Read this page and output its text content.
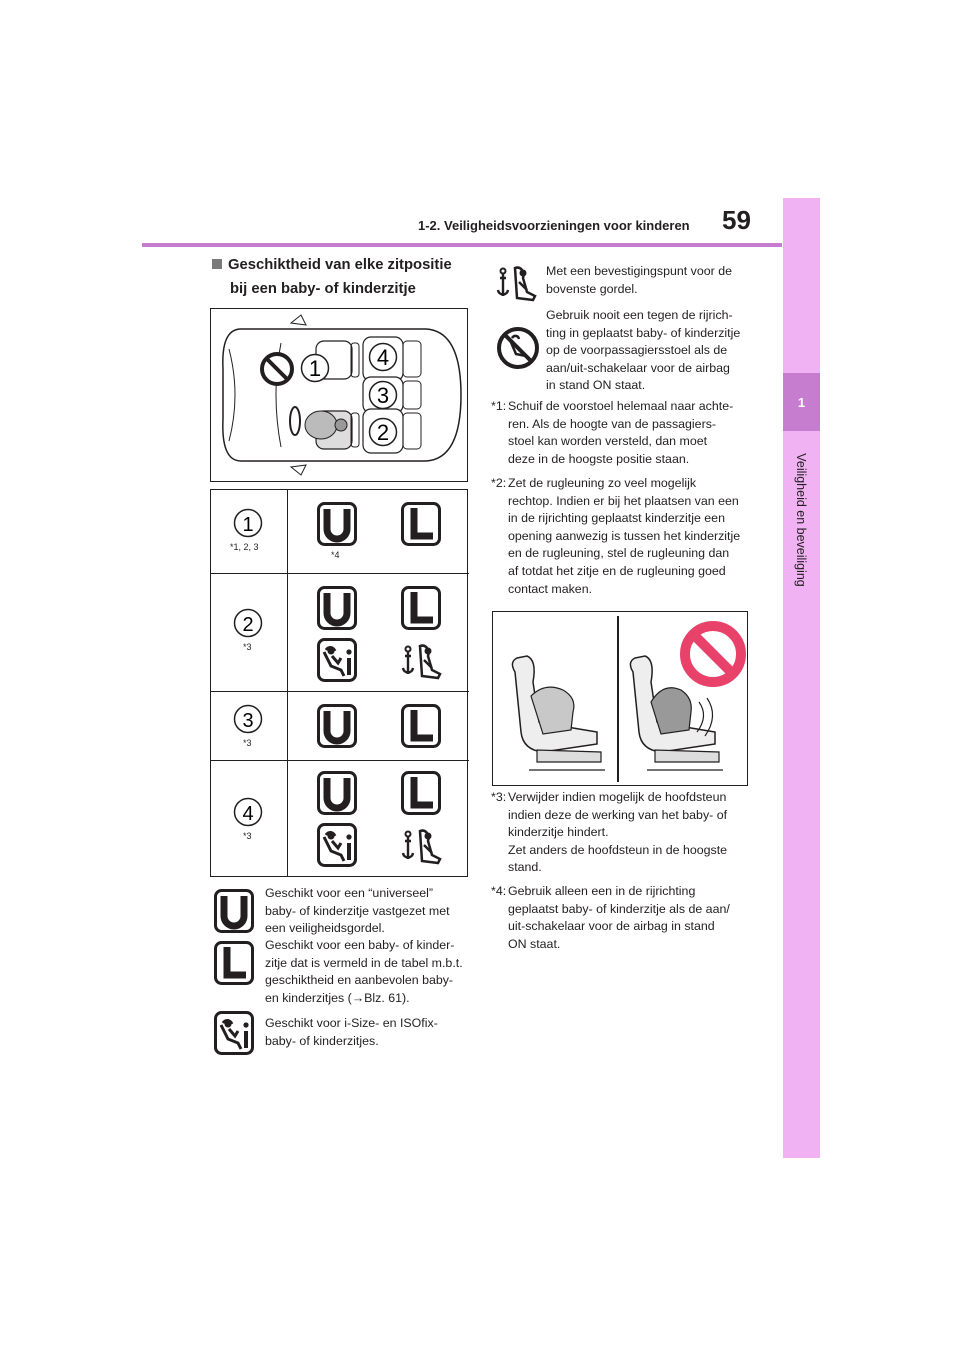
1-2. Veiligheidsvoorzieningen voor kinderen 59
1
Veiligheid en beveiliging
Geschiktheid van elke zitpositie
bij een baby- of kinderzitje
1	4
3
2
1
*1, 2, 3
*4
2
*3
3
*3
4
*3
Geschikt voor een “universeel”
baby- of kinderzitje vastgezet met
een veiligheidsgordel.
Geschikt voor een baby- of kinder-
zitje dat is vermeld in de tabel m.b.t.
geschiktheid en aanbevolen baby-
en kinderzitjes (→Blz. 61).
Geschikt voor i-Size- en ISOfix-
baby- of kinderzitjes.
Met een bevestigingspunt voor de
bovenste gordel.
Gebruik nooit een tegen de rijrich-
ting in geplaatst baby- of kinderzitje
op de voorpassagiersstoel als de
aan/uit-schakelaar voor de airbag
in stand ON staat.
*1: Schuif de voorstoel helemaal naar achte-
ren. Als de hoogte van de passagiers-
stoel kan worden versteld, dan moet
deze in de hoogste positie staan.
*2: Zet de rugleuning zo veel mogelijk
rechtop. Indien er bij het plaatsen van een
in de rijrichting geplaatst kinderzitje een
opening aanwezig is tussen het kinderzitje
en de rugleuning, stel de rugleuning dan
af totdat het zitje en de rugleuning goed
contact maken.
*3: Verwijder indien mogelijk de hoofdsteun
indien deze de werking van het baby- of
kinderzitje hindert.
Zet anders de hoofdsteun in de hoogste
stand.
*4: Gebruik alleen een in de rijrichting
geplaatst baby- of kinderzitje als de aan/
uit-schakelaar voor de airbag in stand
ON staat.
